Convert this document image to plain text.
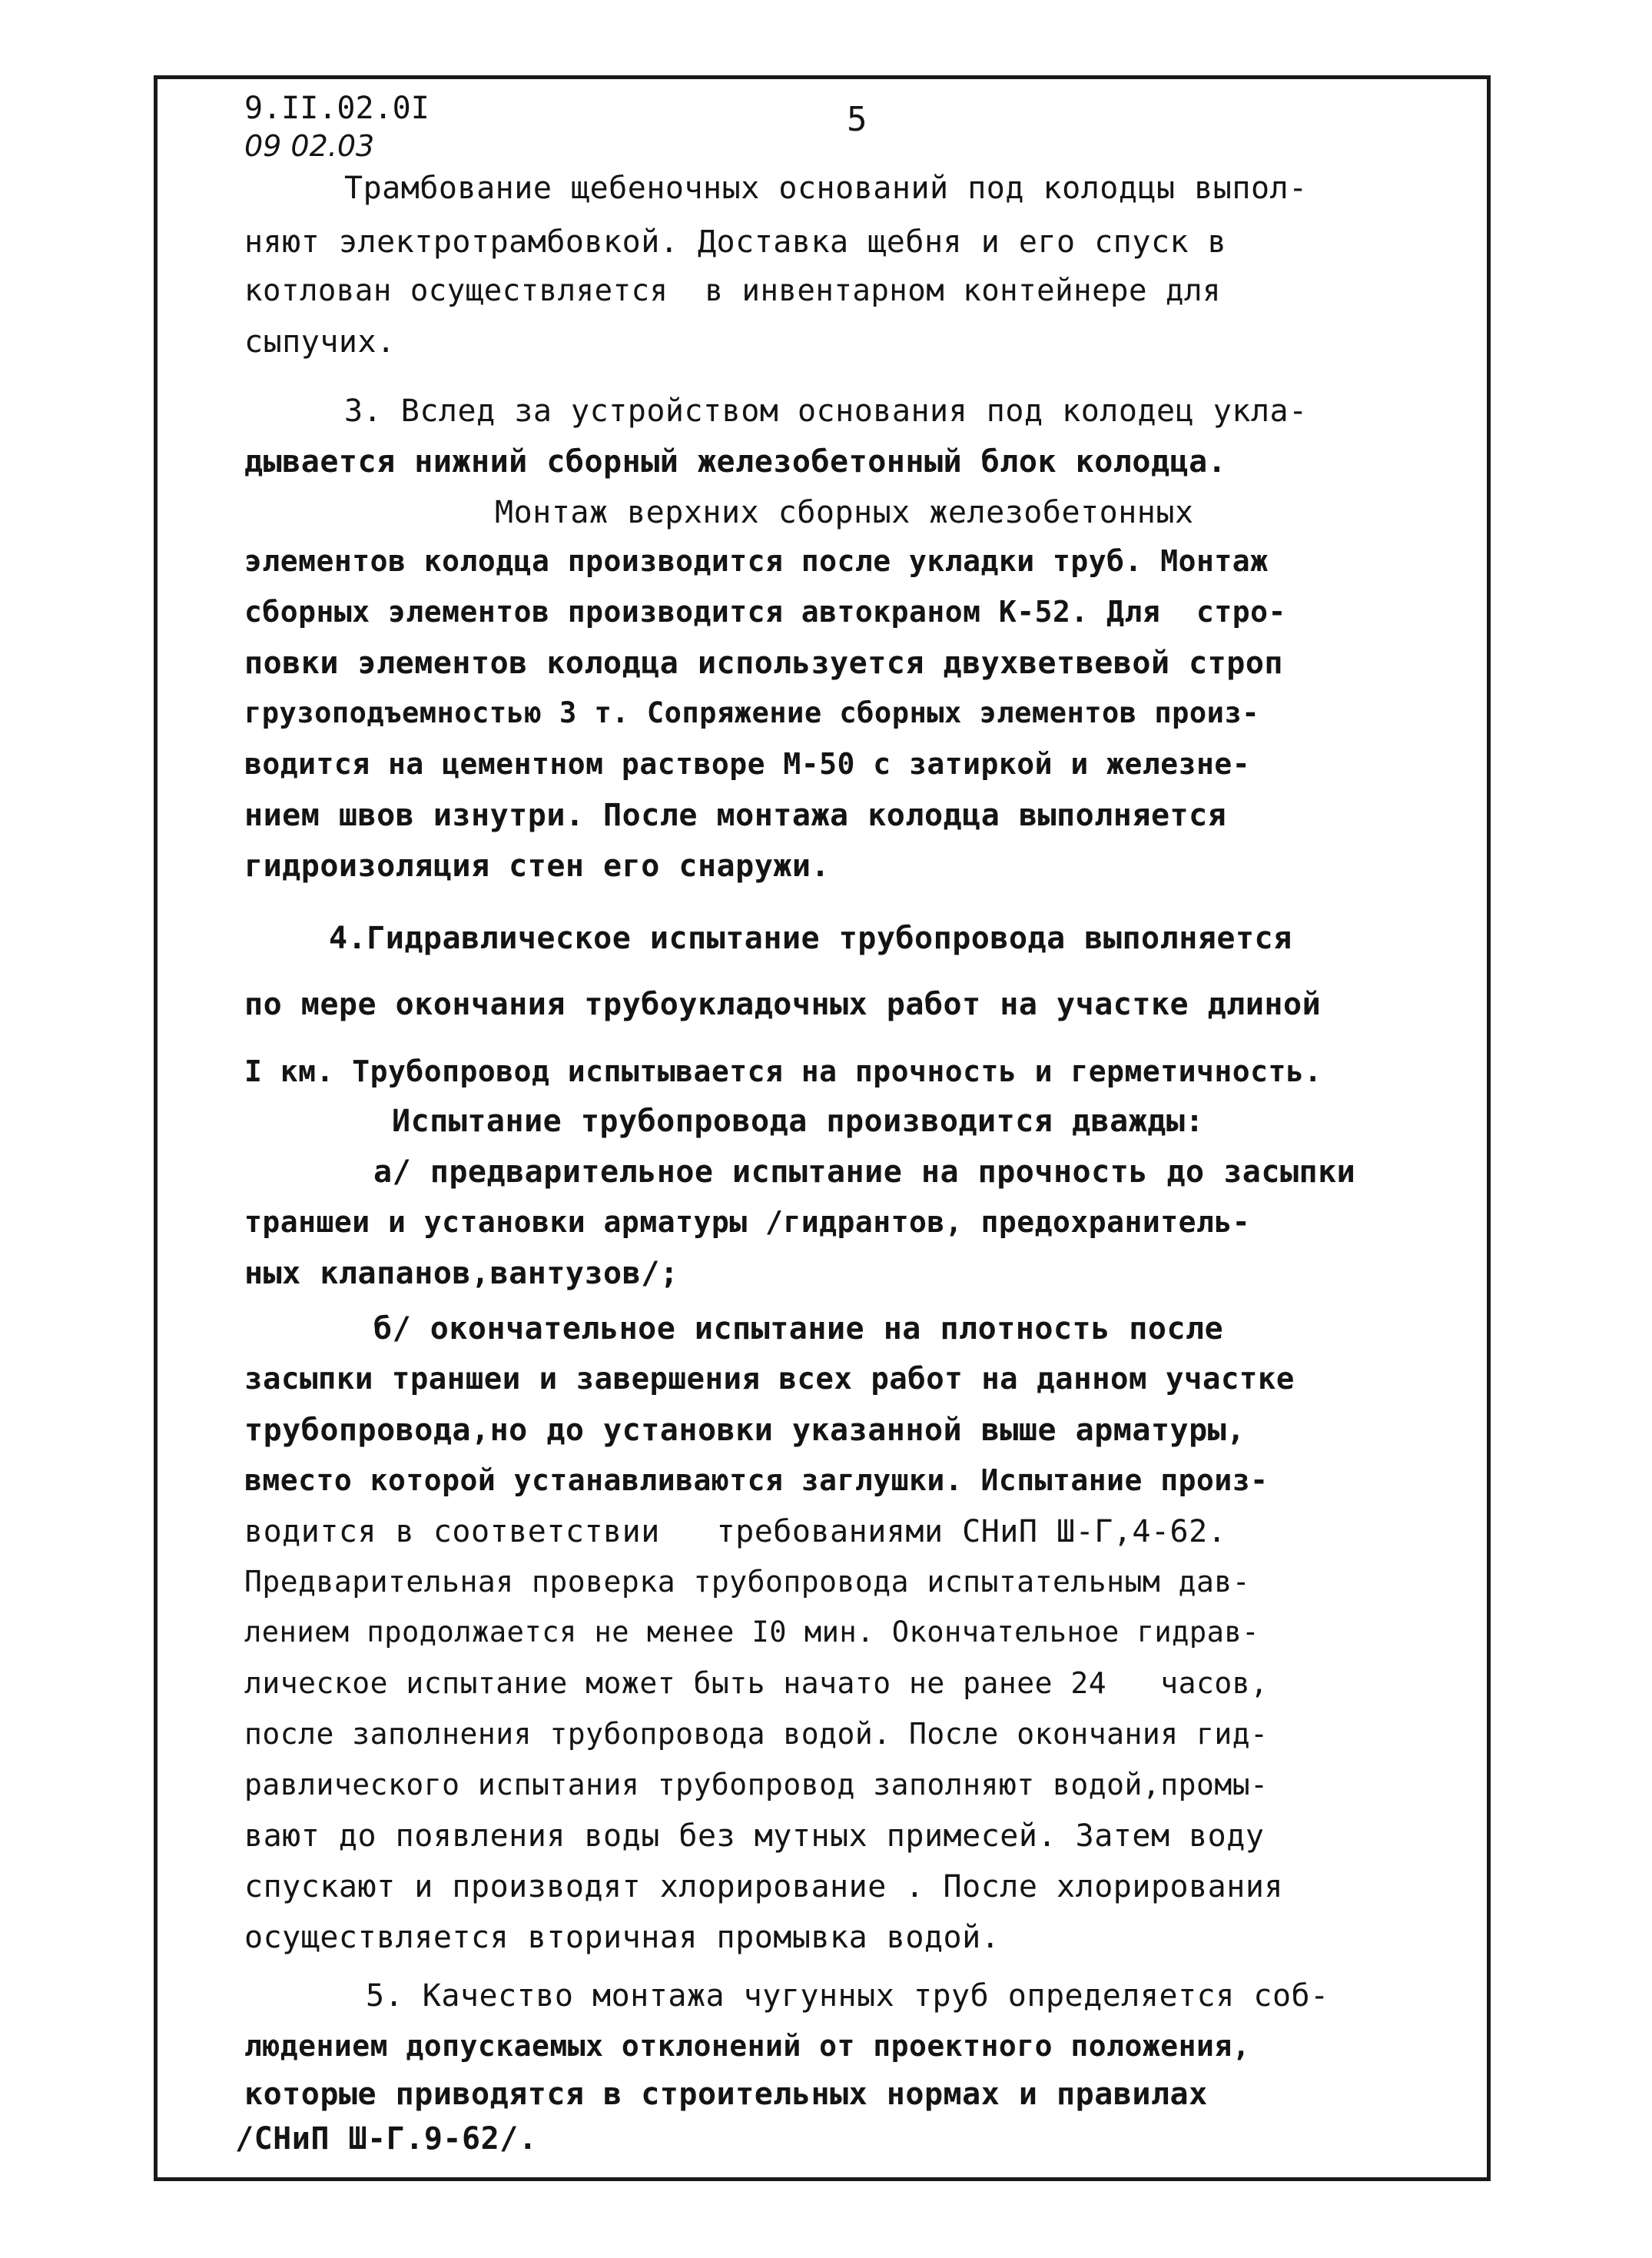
9.II.02.0I
09 02.03
5
Трамбование щебеночных оснований под колодцы выпол-
няют электротрамбовкой. Доставка щебня и его спуск в
котлован осуществляется  в инвентарном контейнере для
сыпучих.
3. Вслед за устройством основания под колодец укла-
дывается нижний сборный железобетонный блок колодца.
Монтаж верхних сборных железобетонных
элементов колодца производится после укладки труб. Монтаж
сборных элементов производится автокраном К-52. Для  стро-
повки элементов колодца используется двухветвевой строп
грузоподъемностью 3 т. Сопряжение сборных элементов произ-
водится на цементном растворе М-50 с затиркой и железне-
нием швов изнутри. После монтажа колодца выполняется
гидроизоляция стен его снаружи.
4.Гидравлическое испытание трубопровода выполняется
по мере окончания трубоукладочных работ на участке длиной
I км. Трубопровод испытывается на прочность и герметичность.
Испытание трубопровода производится дважды:
а/ предварительное испытание на прочность до засыпки
траншеи и установки арматуры /гидрантов, предохранитель-
ных клапанов,вантузов/;
б/ окончательное испытание на плотность после
засыпки траншеи и завершения всех работ на данном участке
трубопровода,но до установки указанной выше арматуры,
вместо которой устанавливаются заглушки. Испытание произ-
водится в соответствии   требованиями СНиП Ш-Г,4-62.
Предварительная проверка трубопровода испытательным дав-
лением продолжается не менее I0 мин. Окончательное гидрав-
лическое испытание может быть начато не ранее 24   часов,
после заполнения трубопровода водой. После окончания гид-
равлического испытания трубопровод заполняют водой,промы-
вают до появления воды без мутных примесей. Затем воду
спускают и производят хлорирование . После хлорирования
осуществляется вторичная промывка водой.
5. Качество монтажа чугунных труб определяется соб-
людением допускаемых отклонений от проектного положения,
которые приводятся в строительных нормах и правилах
/СНиП Ш-Г.9-62/.
